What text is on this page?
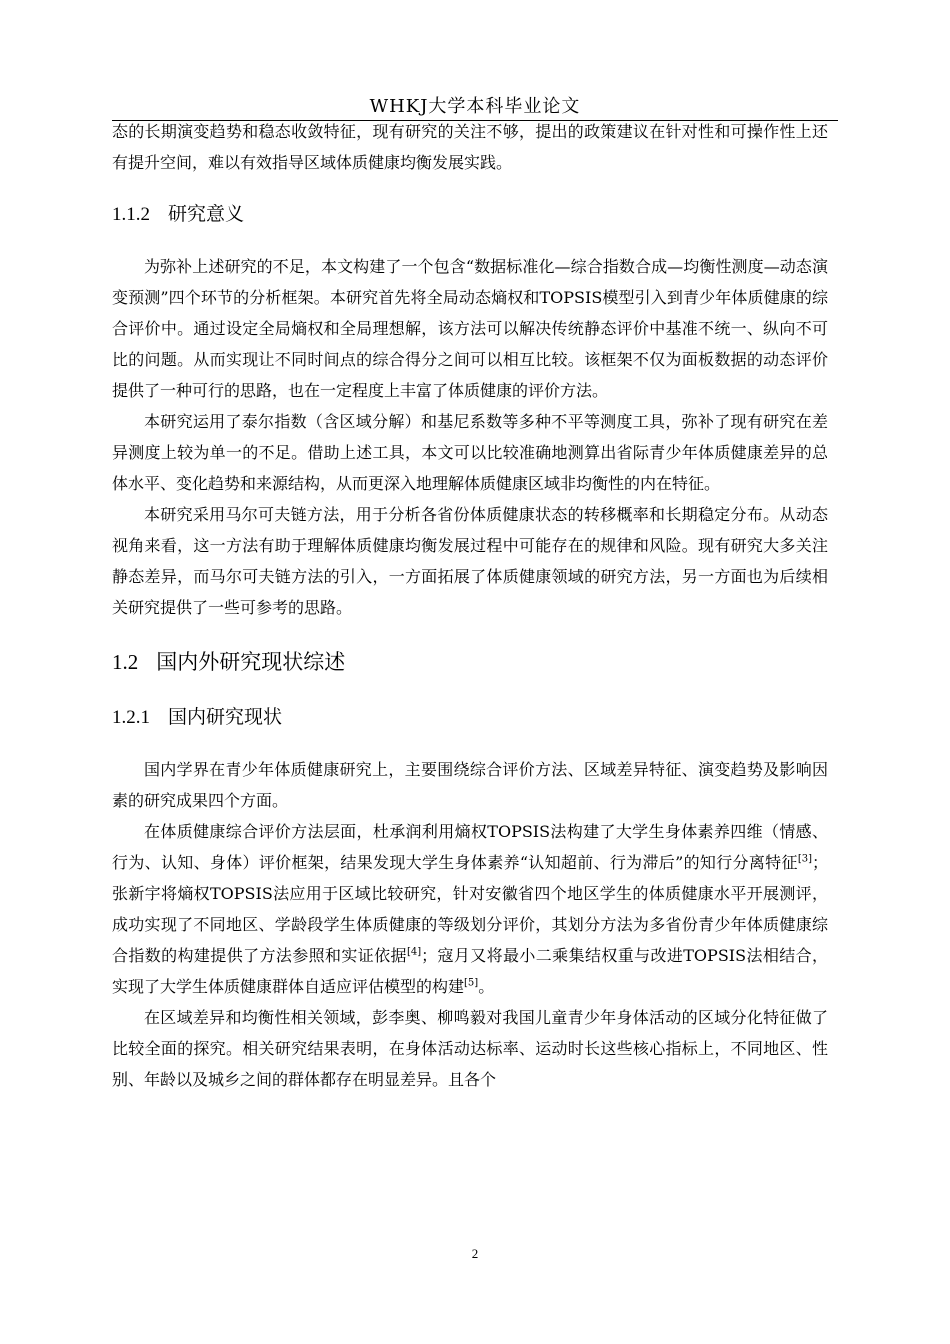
WHKJ大学本科毕业论文

态的长期演变趋势和稳态收敛特征，现有研究的关注不够，提出的政策建议在针对性和可操作性上还有提升空间，难以有效指导区域体质健康均衡发展实践。

1.1.2 研究意义

为弥补上述研究的不足，本文构建了一个包含“数据标准化—综合指数合成—均衡性测度—动态演变预测”四个环节的分析框架。本研究首先将全局动态熵权和TOPSIS模型引入到青少年体质健康的综合评价中。通过设定全局熵权和全局理想解，该方法可以解决传统静态评价中基准不统一、纵向不可比的问题。从而实现让不同时间点的综合得分之间可以相互比较。该框架不仅为面板数据的动态评价提供了一种可行的思路，也在一定程度上丰富了体质健康的评价方法。

本研究运用了泰尔指数（含区域分解）和基尼系数等多种不平等测度工具，弥补了现有研究在差异测度上较为单一的不足。借助上述工具，本文可以比较准确地测算出省际青少年体质健康差异的总体水平、变化趋势和来源结构，从而更深入地理解体质健康区域非均衡性的内在特征。

本研究采用马尔可夫链方法，用于分析各省份体质健康状态的转移概率和长期稳定分布。从动态视角来看，这一方法有助于理解体质健康均衡发展过程中可能存在的规律和风险。现有研究大多关注静态差异，而马尔可夫链方法的引入，一方面拓展了体质健康领域的研究方法，另一方面也为后续相关研究提供了一些可参考的思路。

1.2 国内外研究现状综述
1.2.1 国内研究现状

国内学界在青少年体质健康研究上，主要围绕综合评价方法、区域差异特征、演变趋势及影响因素的研究成果四个方面。

在体质健康综合评价方法层面，杜承润利用熵权TOPSIS法构建了大学生身体素养四维（情感、行为、认知、身体）评价框架，结果发现大学生身体素养“认知超前、行为滞后”的知行分离特征[3]；张新宇将熵权TOPSIS法应用于区域比较研究，针对安徽省四个地区学生的体质健康水平开展测评，成功实现了不同地区、学龄段学生体质健康的等级划分评价，其划分方法为多省份青少年体质健康综合指数的构建提供了方法参照和实证依据[4]；寇月又将最小二乘集结权重与改进TOPSIS法相结合，实现了大学生体质健康群体自适应评估模型的构建[5]。

在区域差异和均衡性相关领域，彭李奥、柳鸣毅对我国儿童青少年身体活动的区域分化特征做了比较全面的探究。相关研究结果表明，在身体活动达标率、运动时长这些核心指标上，不同地区、性别、年龄以及城乡之间的群体都存在明显差异。且各个

2
